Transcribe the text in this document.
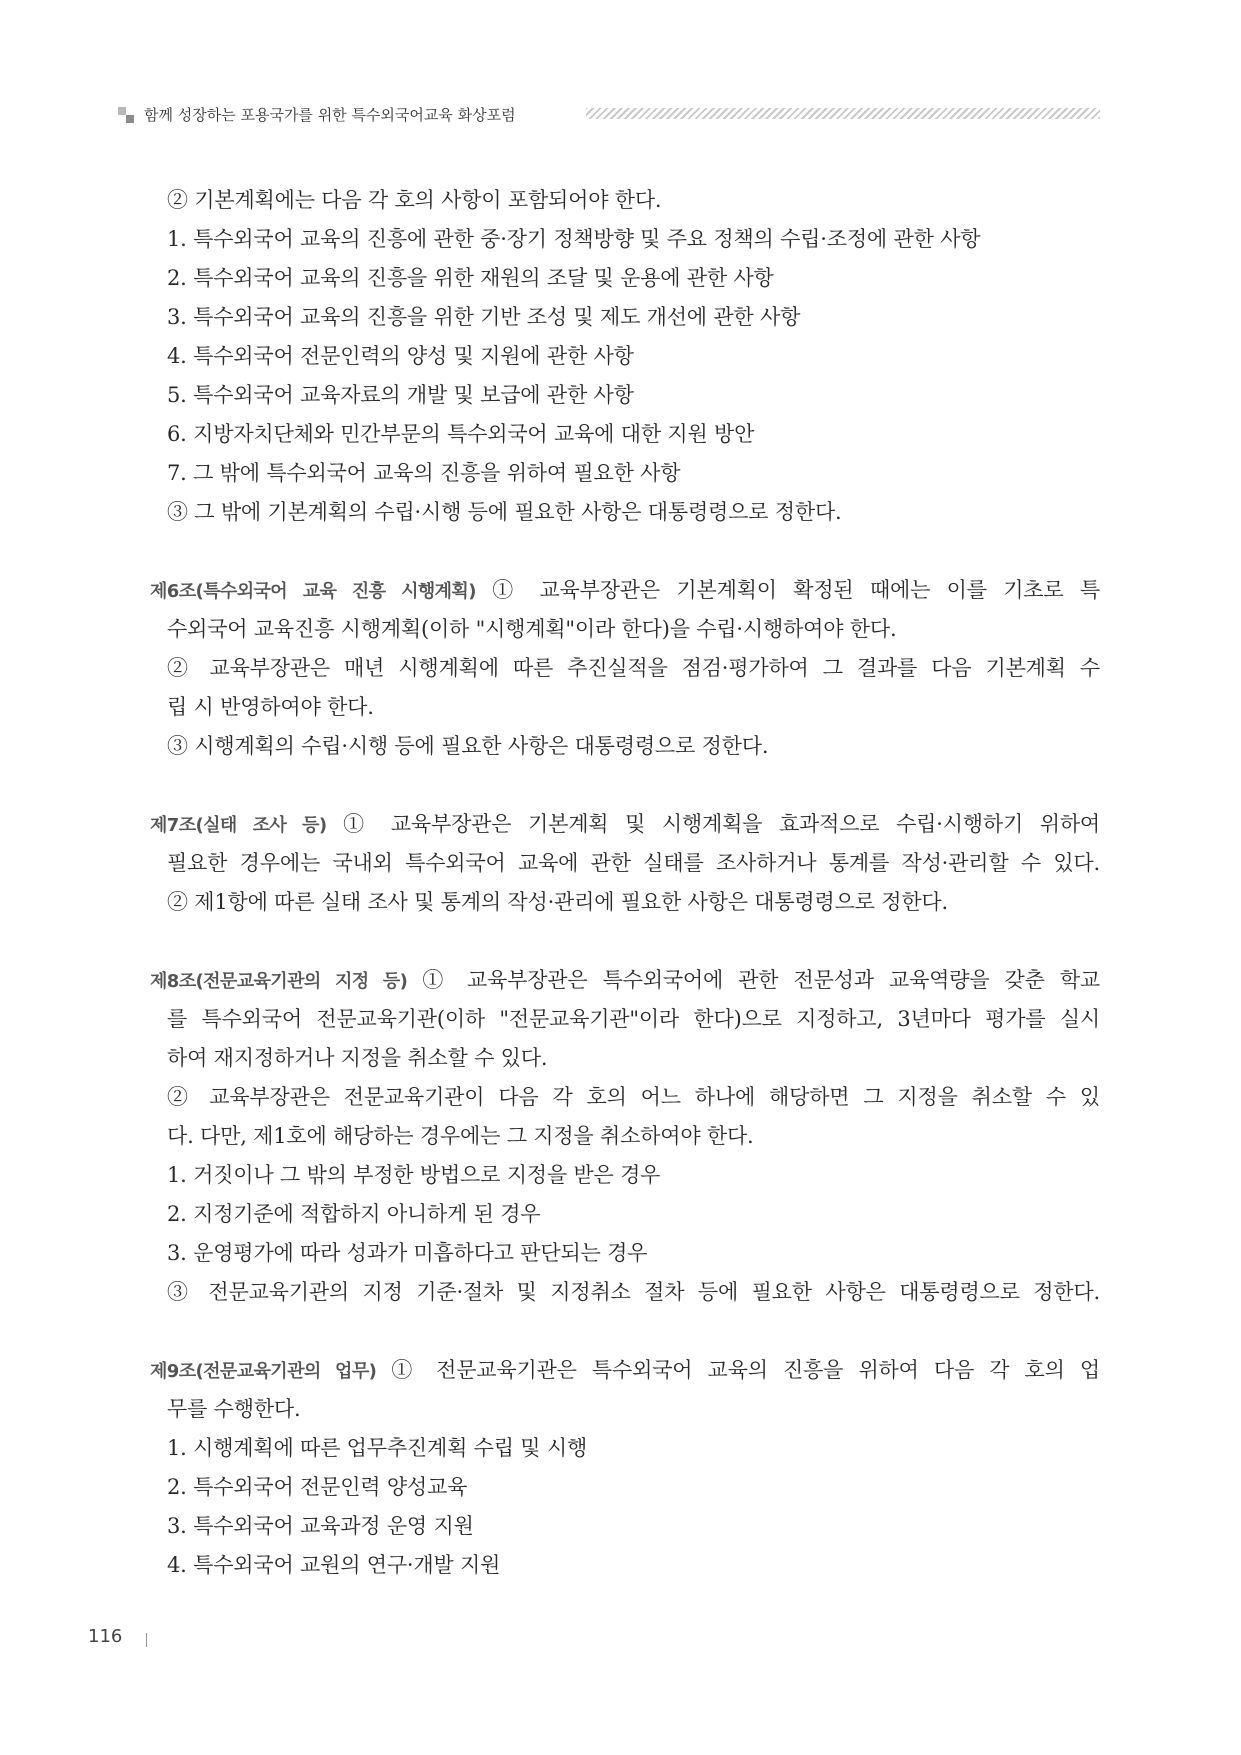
함께 성장하는 포용국가를 위한 특수외국어교육 화상포럼
② 기본계획에는 다음 각 호의 사항이 포함되어야 한다.
1. 특수외국어 교육의 진흥에 관한 중·장기 정책방향 및 주요 정책의 수립·조정에 관한 사항
2. 특수외국어 교육의 진흥을 위한 재원의 조달 및 운용에 관한 사항
3. 특수외국어 교육의 진흥을 위한 기반 조성 및 제도 개선에 관한 사항
4. 특수외국어 전문인력의 양성 및 지원에 관한 사항
5. 특수외국어 교육자료의 개발 및 보급에 관한 사항
6. 지방자치단체와 민간부문의 특수외국어 교육에 대한 지원 방안
7. 그 밖에 특수외국어 교육의 진흥을 위하여 필요한 사항
③ 그 밖에 기본계획의 수립·시행 등에 필요한 사항은 대통령령으로 정한다.
제6조(특수외국어 교육 진흥 시행계획) ① 교육부장관은 기본계획이 확정된 때에는 이를 기초로 특
수외국어 교육진흥 시행계획(이하 "시행계획"이라 한다)을 수립·시행하여야 한다.
② 교육부장관은 매년 시행계획에 따른 추진실적을 점검·평가하여 그 결과를 다음 기본계획 수
립 시 반영하여야 한다.
③ 시행계획의 수립·시행 등에 필요한 사항은 대통령령으로 정한다.
제7조(실태 조사 등) ① 교육부장관은 기본계획 및 시행계획을 효과적으로 수립·시행하기 위하여
필요한 경우에는 국내외 특수외국어 교육에 관한 실태를 조사하거나 통계를 작성·관리할 수 있다.
② 제1항에 따른 실태 조사 및 통계의 작성·관리에 필요한 사항은 대통령령으로 정한다.
제8조(전문교육기관의 지정 등) ① 교육부장관은 특수외국어에 관한 전문성과 교육역량을 갖춘 학교
를 특수외국어 전문교육기관(이하 "전문교육기관"이라 한다)으로 지정하고, 3년마다 평가를 실시
하여 재지정하거나 지정을 취소할 수 있다.
② 교육부장관은 전문교육기관이 다음 각 호의 어느 하나에 해당하면 그 지정을 취소할 수 있
다. 다만, 제1호에 해당하는 경우에는 그 지정을 취소하여야 한다.
1. 거짓이나 그 밖의 부정한 방법으로 지정을 받은 경우
2. 지정기준에 적합하지 아니하게 된 경우
3. 운영평가에 따라 성과가 미흡하다고 판단되는 경우
③ 전문교육기관의 지정 기준·절차 및 지정취소 절차 등에 필요한 사항은 대통령령으로 정한다.
제9조(전문교육기관의 업무) ① 전문교육기관은 특수외국어 교육의 진흥을 위하여 다음 각 호의 업
무를 수행한다.
1. 시행계획에 따른 업무추진계획 수립 및 시행
2. 특수외국어 전문인력 양성교육
3. 특수외국어 교육과정 운영 지원
4. 특수외국어 교원의 연구·개발 지원
116
